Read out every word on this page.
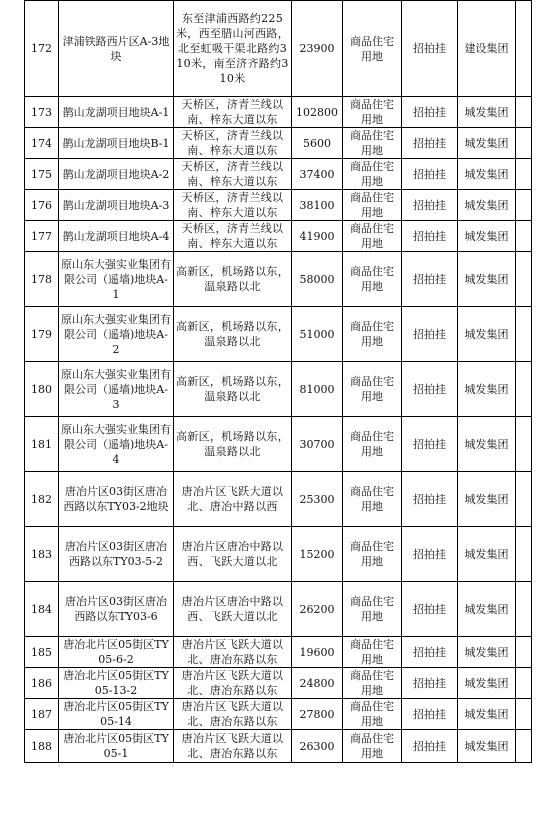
172	津浦铁路西片区A-3地块	东至津浦西路约225米，西至腊山河西路，北至虹吸干渠北路约310米，南至济齐路约310米	23900	商品住宅用地	招拍挂	建设集团	
173	鹊山龙湖项目地块A-1	天桥区，济青兰线以南、梓东大道以东	102800	商品住宅用地	招拍挂	城发集团	
174	鹊山龙湖项目地块B-1	天桥区，济青兰线以南、梓东大道以东	5600	商品住宅用地	招拍挂	城发集团	
175	鹊山龙湖项目地块A-2	天桥区，济青兰线以南、梓东大道以东	37400	商品住宅用地	招拍挂	城发集团	
176	鹊山龙湖项目地块A-3	天桥区，济青兰线以南、梓东大道以东	38100	商品住宅用地	招拍挂	城发集团	
177	鹊山龙湖项目地块A-4	天桥区，济青兰线以南、梓东大道以东	41900	商品住宅用地	招拍挂	城发集团	
178	原山东大强实业集团有限公司（遥墙)地块A-1	高新区，机场路以东，温泉路以北	58000	商品住宅用地	招拍挂	城发集团	
179	原山东大强实业集团有限公司（遥墙)地块A-2	高新区，机场路以东，温泉路以北	51000	商品住宅用地	招拍挂	城发集团	
180	原山东大强实业集团有限公司（遥墙)地块A-3	高新区，机场路以东，温泉路以北	81000	商品住宅用地	招拍挂	城发集团	
181	原山东大强实业集团有限公司（遥墙)地块A-4	高新区，机场路以东，温泉路以北	30700	商品住宅用地	招拍挂	城发集团	
182	唐冶片区03街区唐冶西路以东TY03-2地块	唐冶片区飞跃大道以北、唐冶中路以西	25300	商品住宅用地	招拍挂	城发集团	
183	唐冶片区03街区唐冶西路以东TY03-5-2	唐冶片区唐冶中路以西、飞跃大道以北	15200	商品住宅用地	招拍挂	城发集团	
184	唐冶片区03街区唐冶西路以东TY03-6	唐冶片区唐冶中路以西、飞跃大道以北	26200	商品住宅用地	招拍挂	城发集团	
185	唐冶北片区05街区TY05-6-2	唐冶片区飞跃大道以北、唐冶东路以东	19600	商品住宅用地	招拍挂	城发集团	
186	唐冶北片区05街区TY05-13-2	唐冶片区飞跃大道以北、唐冶东路以东	24800	商品住宅用地	招拍挂	城发集团	
187	唐冶北片区05街区TY05-14	唐冶片区飞跃大道以北、唐冶东路以东	27800	商品住宅用地	招拍挂	城发集团	
188	唐冶北片区05街区TY05-1	唐冶片区飞跃大道以北、唐冶东路以东	26300	商品住宅用地	招拍挂	城发集团	
